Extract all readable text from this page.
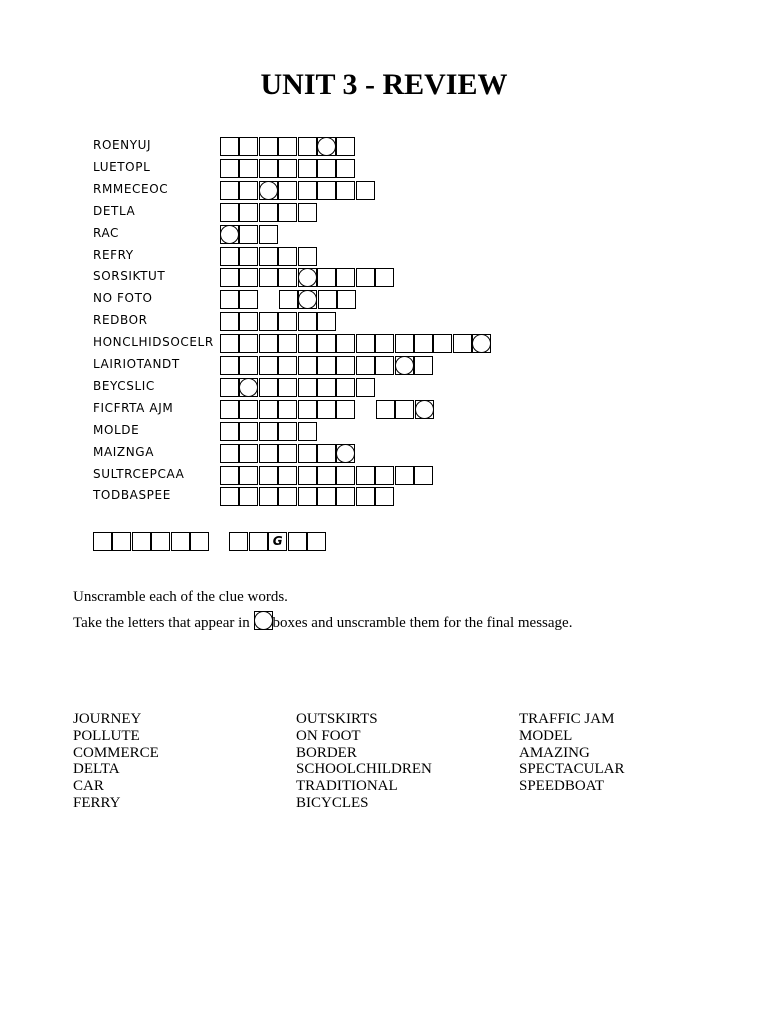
UNIT 3 - REVIEW
ROENYUJ
LUETOPL
RMMECEOC
DETLA
RAC
REFRY
SORSIKTUT
NO FOTO
REDBOR
HONCLHIDSOCELR
LAIRIOTANDT
BEYCSLIC
FICFRTA AJM
MOLDE
MAIZNGA
SULTRCEPCAA
TODBASPEE
G
Unscramble each of the clue words.
Take the letters that appear in
boxes and unscramble them for the final message.
JOURNEY
POLLUTE
COMMERCE
DELTA
CAR
FERRY
OUTSKIRTS
ON FOOT
BORDER
SCHOOLCHILDREN
TRADITIONAL
BICYCLES
TRAFFIC JAM
MODEL
AMAZING
SPECTACULAR
SPEEDBOAT
